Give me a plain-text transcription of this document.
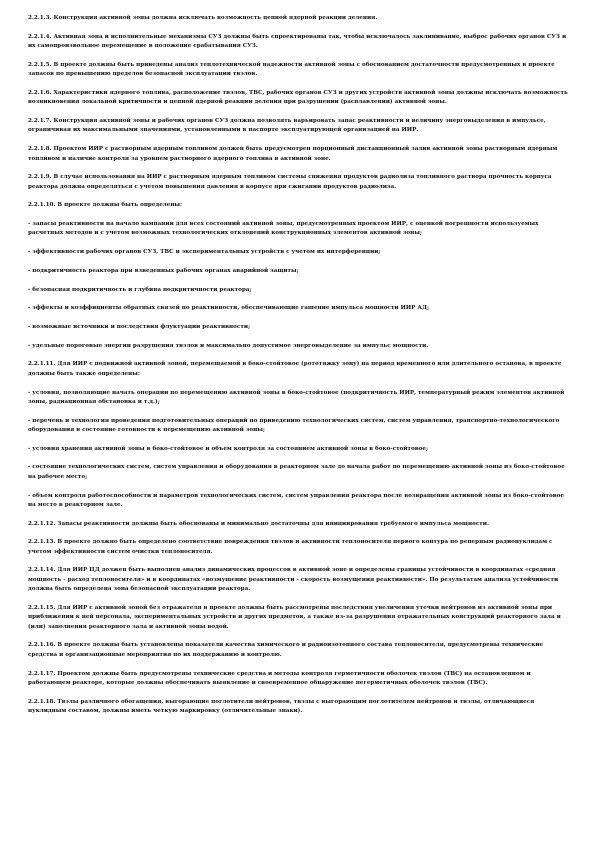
2.2.1.3. Конструкция активной зоны должна исключать возможность цепной ядерной реакции деления.

2.2.1.4. Активная зона и исполнительные механизмы СУЗ должны быть спроектированы так, чтобы исключалось заклинивание, выброс рабочих органов СУЗ и их самопроизвольное перемещение в положение срабатывания СУЗ.

2.2.1.5. В проекте должны быть приведены анализ теплотехнической надежности активной зоны с обоснованием достаточности предусмотренных в проекте запасов по превышению пределов безопасной эксплуатации твэлов.

2.2.1.6. Характеристики ядерного топлива, расположение твэлов, ТВС, рабочих органов СУЗ и других устройств активной зоны должны исключать возможность возникновения локальной критичности и цепной ядерной реакции деления при разрушении (расплавлении) активной зоны.

2.2.1.7. Конструкция активной зоны и рабочих органов СУЗ должна позволять варьировать запас реактивности и величину энерговыделения в импульсе, ограничивая их максимальными значениями, установленными в паспорте эксплуатирующей организацией на ИИР.

2.2.1.8. Проектом ИИР с растворным ядерным топливом должен быть предусмотрен порционный дистанционный залив активной зоны растворным ядерным топливом и наличие контроля за уровнем растворного ядерного топлива в активной зоне.

2.2.1.9. В случае использования на ИИР с растворным ядерным топливом системы снижения продуктов радиолиза топливного раствора прочность корпуса реактора должна определяться с учетом повышения давления в корпусе при сжигании продуктов радиолиза.

2.2.1.10. В проекте должны быть определены:

- запасы реактивности на начало кампании для всех состояний активной зоны, предусмотренных проектом ИИР, с оценкой погрешности используемых расчетных методов и с учетом возможных технологических отклонений конструкционных элементов активной зоны;

- эффективности рабочих органов СУЗ, ТВС и экспериментальных устройств с учетом их интерференции;

- подкритичность реактора при взведенных рабочих органах аварийной защиты;

- безопасная подкритичность и глубина подкритичности реактора;

- эффекты и коэффициенты обратных связей по реактивности, обеспечивающие гашение импульса мощности ИИР АД;

- возможные источники и последствия флуктуации реактивности;

- удельные пороговые энергии разрушения твэлов и максимально допустимое энерговыделение за импульс мощности.

2.2.1.11. Для ИИР с подвижной активной зоной, перемещаемой в боко-стойтовое (рототяжку зону) на период временного или длительного останова, в проекте должны быть также определены:

- условия, позволяющие начать операции по перемещению активной зоны в боко-стойтовое (подкритичность ИИР, температурный режим элементов активной зоны, радиационная обстановка и т.д.);

- перечень и технология проведения подготовительных операций по приведению технологических систем, систем управления, транспортно-технологического оборудования в состояние готовности к перемещению активной зоны;

- условия хранения активной зоны в боко-стойтовое и объем контроля за состоянием активной зоны в боко-стойтовое;

- состояние технологических систем, систем управления и оборудования в реакторном зале до начала работ по перемещению активной зоны из боко-стойтовое на рабочее место;

- объем контроля работоспособности и параметров технологических систем, систем управления реактора после возвращения активной зоны из боко-стойтовое на место в реакторном зале.

2.2.1.12. Запасы реактивности должны быть обоснованы и минимально достаточны для инициирования требуемого импульса мощности.

2.2.1.13. В проекте должно быть определено соответствие повреждения твэлов и активности теплоносителя первого контура по реперным радионуклидам с учетом эффективности систем очистки теплоносителя.

2.2.1.14. Для ИИР ЦД должен быть выполнен анализ динамических процессов в активной зоне и определены границы устойчивости в координатах «средняя мощность - расход теплоносителя» и в координатах «возмущение реактивности - скорость возмущения реактивности». По результатам анализа устойчивости должна быть определена зона безопасной эксплуатации реактора.

2.2.1.15. Для ИИР с активной зоной без отражателя в проекте должны быть рассмотрены последствия увеличения утечки нейтронов из активной зоны при приближении к ней персонала, экспериментальных устройств и других предметов, а также из-за разрушения отражательных конструкций реакторного зала и (или) заполнения реакторного зала и активной зоны водой.

2.2.1.16. В проекте должны быть установлены показатели качества химического и радиоизотопного состава теплоносителя, предусмотрены технические средства и организационные мероприятия по их поддержанию и контролю.

2.2.1.17. Проектом должны быть предусмотрены технические средства и методы контроля герметичности оболочек твэлов (ТВС) на остановленном и работающем реакторе, которые должны обеспечивать выявление и своевременное обнаружение негерметичных оболочек твэлов (ТВС).

2.2.1.18. Твэлы различного обогащения, выгорающие поглотители нейтронов, твэлы с выгорающим поглотителем нейтронов и твэлы, отличающиеся нуклидным составом, должны иметь четкую маркировку (отличительные знаки).
